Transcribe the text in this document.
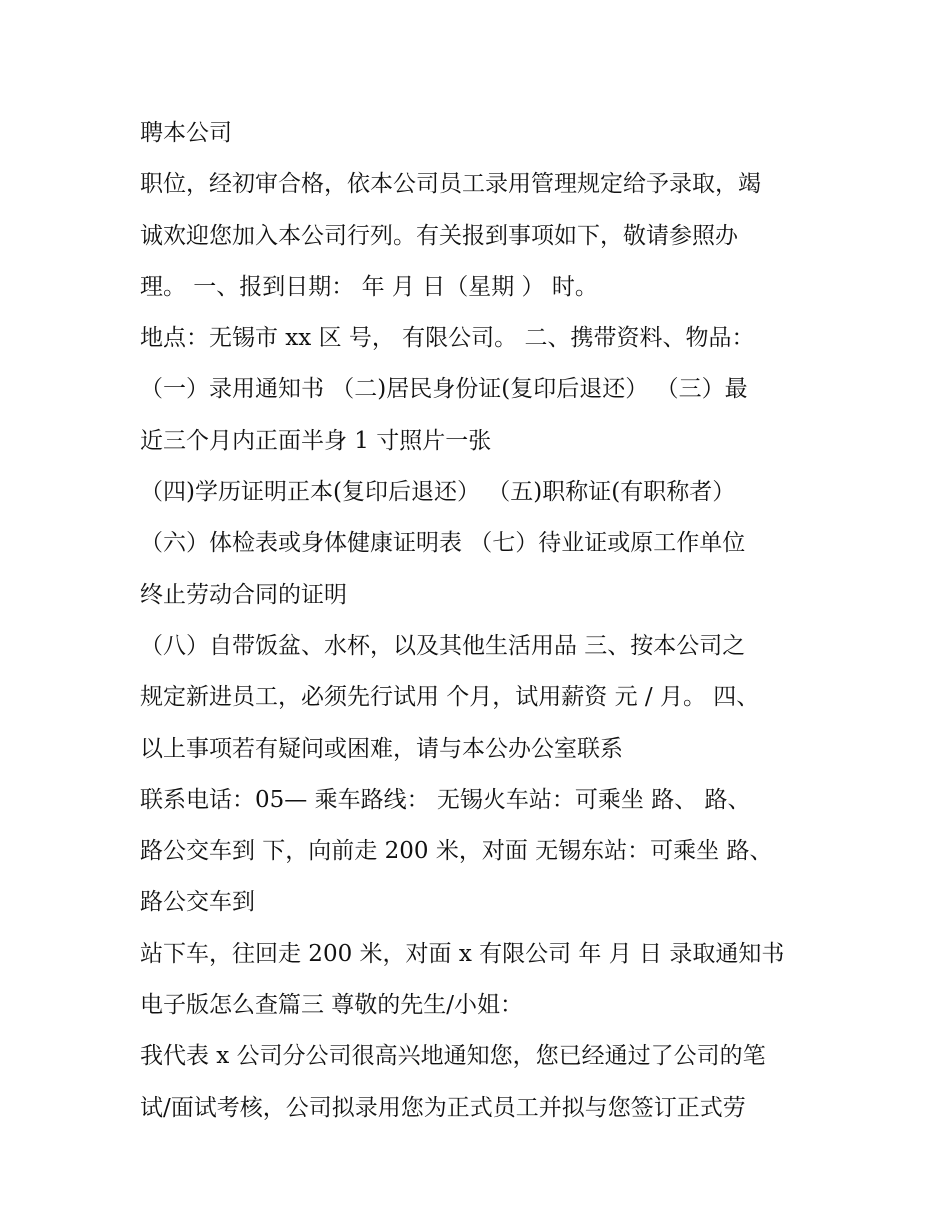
聘本公司
职位，经初审合格，依本公司员工录用管理规定给予录取，竭
诚欢迎您加入本公司行列。有关报到事项如下，敬请参照办
理。 一、报到日期： 年 月 日（星期 ） 时。
地点：无锡市 xx 区 号， 有限公司。 二、携带资料、物品：
（一）录用通知书 （二)居民身份证(复印后退还） （三）最
近三个月内正面半身 1 寸照片一张
（四)学历证明正本(复印后退还） （五)职称证(有职称者）
（六）体检表或身体健康证明表 （七）待业证或原工作单位
终止劳动合同的证明
（八）自带饭盆、水杯，以及其他生活用品 三、按本公司之
规定新进员工，必须先行试用 个月，试用薪资 元 / 月。 四、
以上事项若有疑问或困难，请与本公办公室联系
联系电话：05— 乘车路线： 无锡火车站：可乘坐 路、 路、
路公交车到 下，向前走 200 米，对面 无锡东站：可乘坐 路、
路公交车到
站下车，往回走 200 米，对面 x 有限公司 年 月 日 录取通知书
电子版怎么查篇三 尊敬的先生/小姐：
我代表 x 公司分公司很高兴地通知您，您已经通过了公司的笔
试/面试考核，公司拟录用您为正式员工并拟与您签订正式劳
